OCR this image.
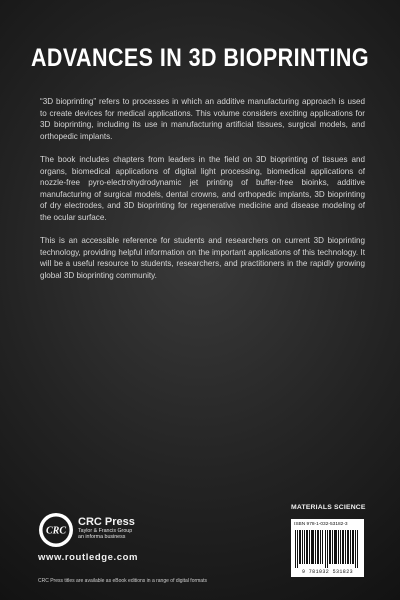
ADVANCES IN 3D BIOPRINTING

“3D bioprinting” refers to processes in which an additive manufacturing approach is used to create devices for medical applications. This volume considers exciting applications for 3D bioprinting, including its use in manufacturing artificial tissues, surgical models, and orthopedic implants.

The book includes chapters from leaders in the field on 3D bioprinting of tissues and organs, biomedical applications of digital light processing, biomedical applications of nozzle-free pyro-electrohydrodynamic jet printing of buffer-free bioinks, additive manufacturing of surgical models, dental crowns, and orthopedic implants, 3D bioprinting of dry electrodes, and 3D bioprinting for regenerative medicine and disease modeling of the ocular surface.

This is an accessible reference for students and researchers on current 3D bioprinting technology, providing helpful information on the important applications of this technology. It will be a useful resource to students, researchers, and practitioners in the rapidly growing global 3D bioprinting community.

MATERIALS SCIENCE
ISBN 978-1-032-53182-3
9 781032 531823
CRC
CRC Press
Taylor & Francis Group
an informa business
www.routledge.com
CRC Press titles are available as eBook editions in a range of digital formats
